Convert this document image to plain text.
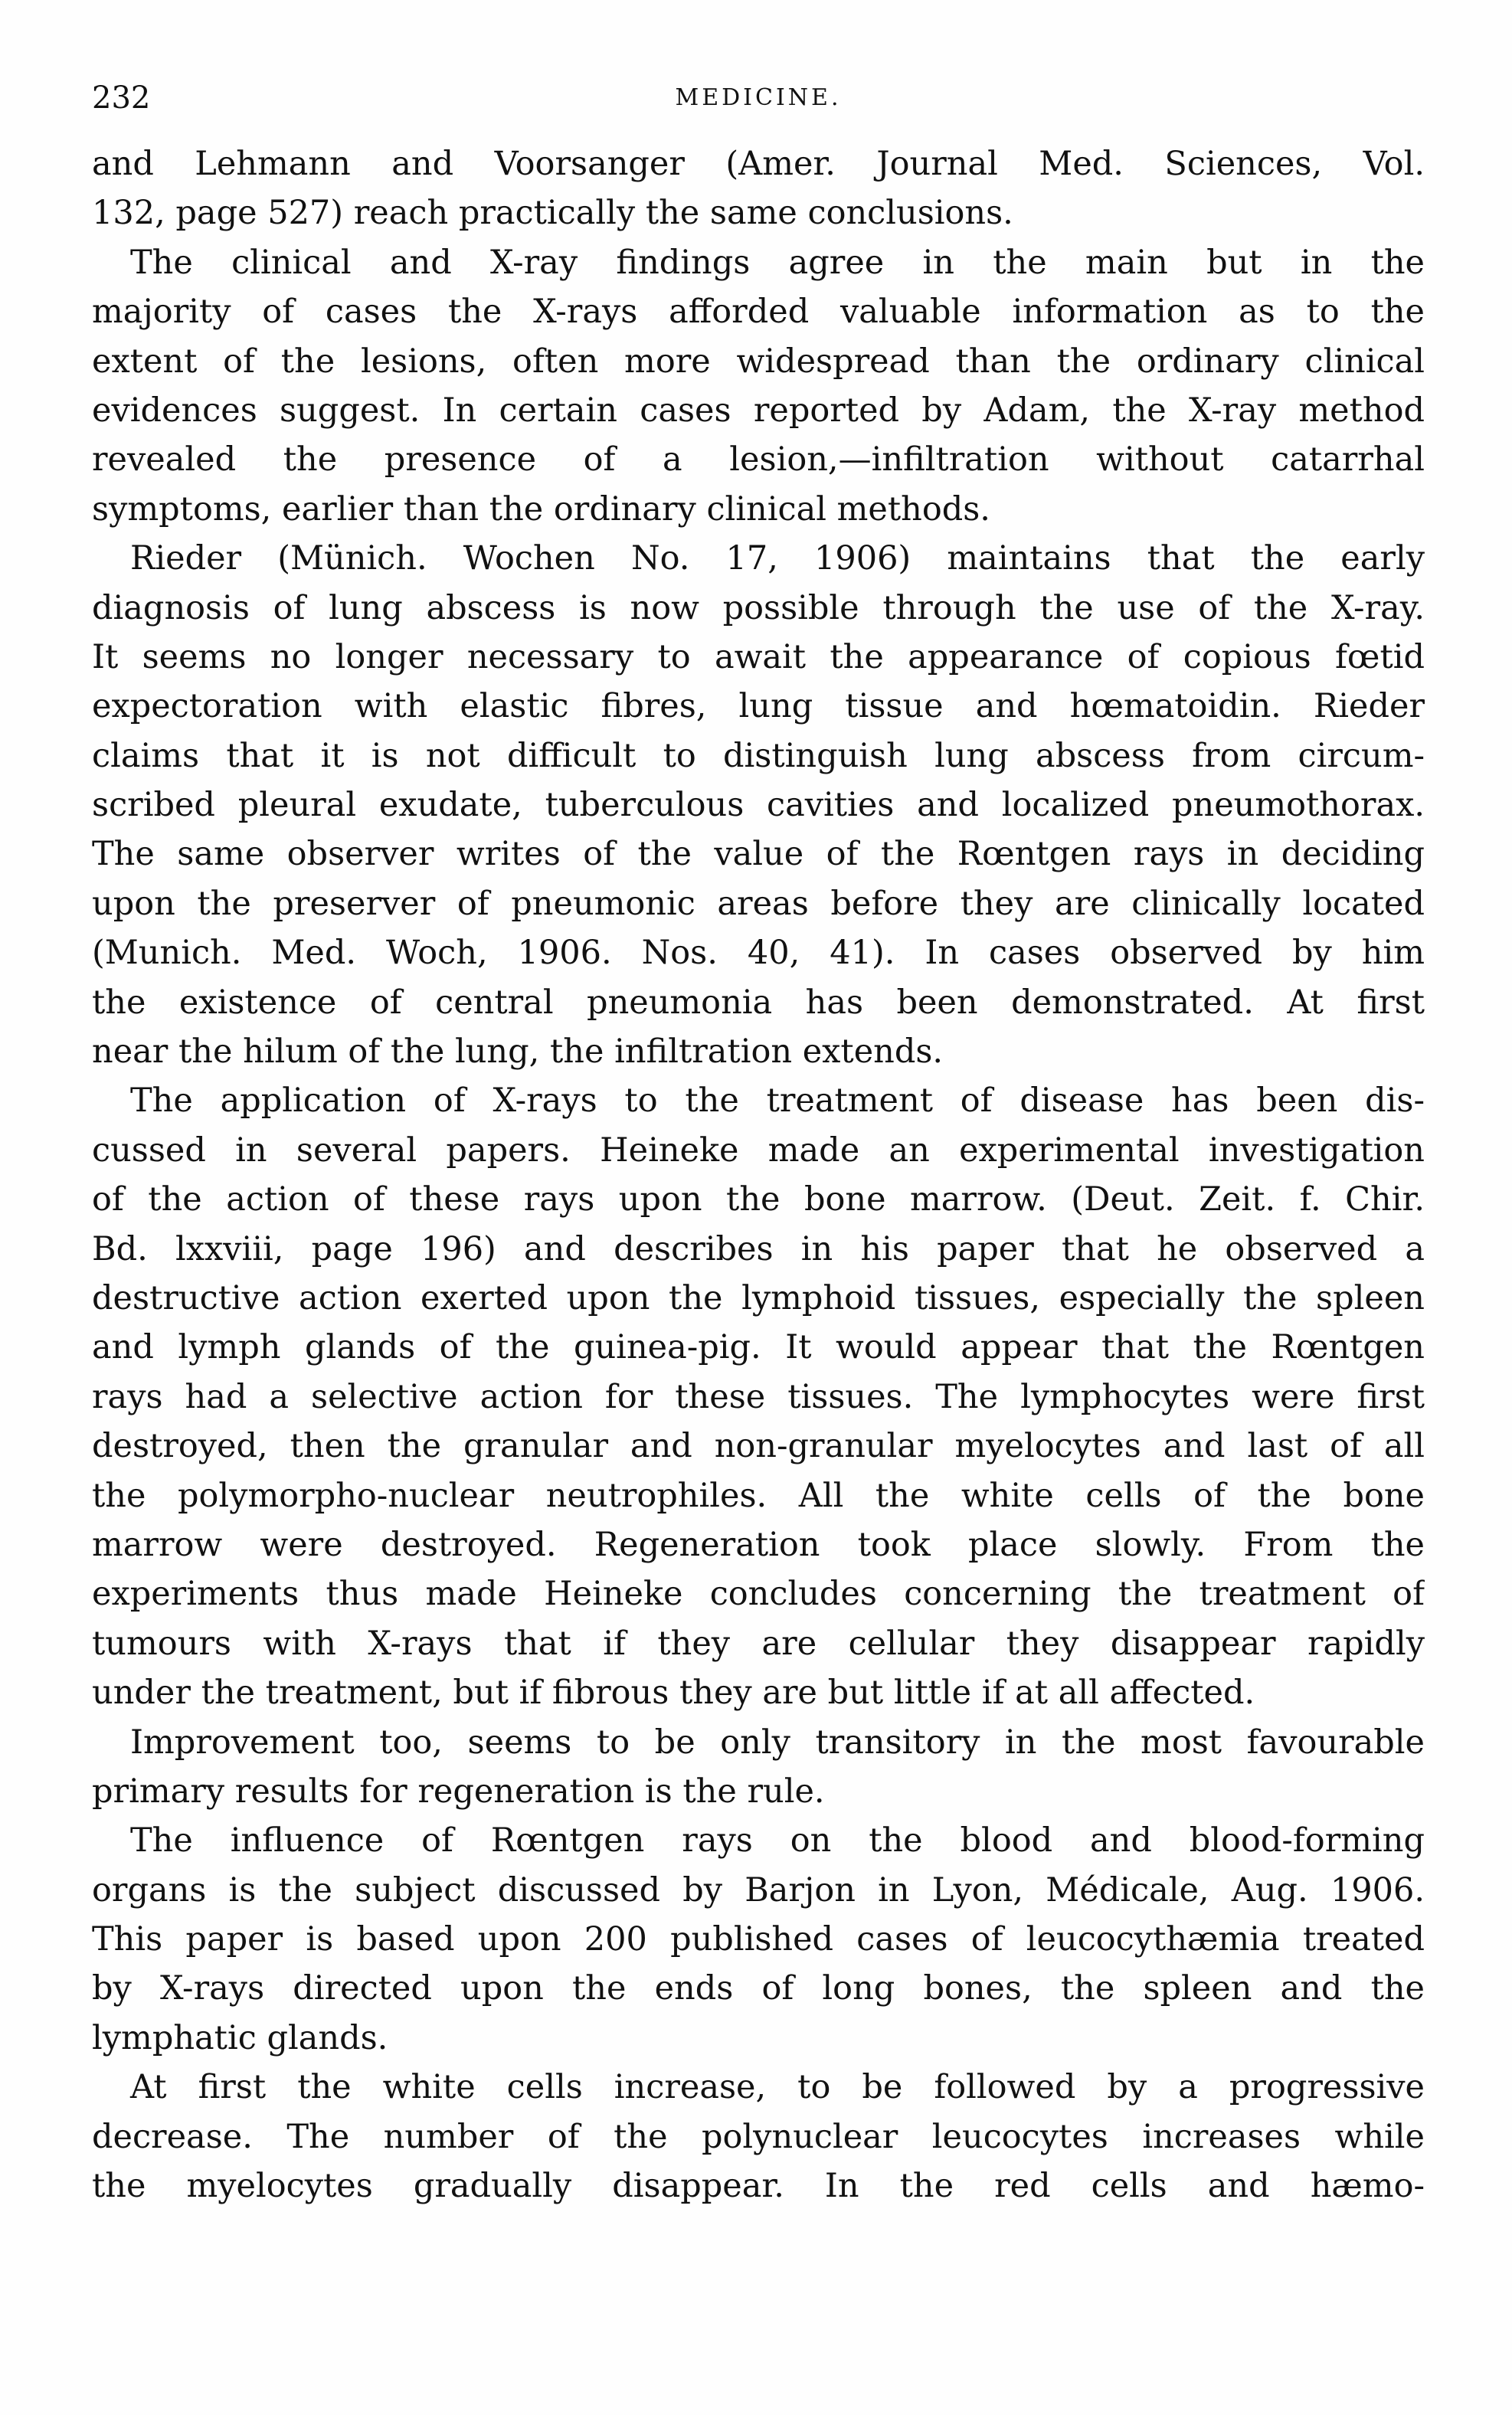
232	MEDICINE.
and Lehmann and Voorsanger (Amer. Journal Med. Sciences, Vol.
132, page 527) reach practically the same conclusions.
The clinical and X-ray findings agree in the main but in the
majority of cases the X-rays afforded valuable information as to the
extent of the lesions, often more widespread than the ordinary clinical
evidences suggest. In certain cases reported by Adam, the X-ray method
revealed the presence of a lesion,—infiltration without catarrhal
symptoms, earlier than the ordinary clinical methods.
Rieder (Münich. Wochen No. 17, 1906) maintains that the early
diagnosis of lung abscess is now possible through the use of the X-ray.
It seems no longer necessary to await the appearance of copious fœtid
expectoration with elastic fibres, lung tissue and hœmatoidin. Rieder
claims that it is not difficult to distinguish lung abscess from circum-
scribed pleural exudate, tuberculous cavities and localized pneumothorax.
The same observer writes of the value of the Rœntgen rays in deciding
upon the preserver of pneumonic areas before they are clinically located
(Munich. Med. Woch, 1906. Nos. 40, 41). In cases observed by him
the existence of central pneumonia has been demonstrated. At first
near the hilum of the lung, the infiltration extends.
The application of X-rays to the treatment of disease has been dis-
cussed in several papers. Heineke made an experimental investigation
of the action of these rays upon the bone marrow. (Deut. Zeit. f. Chir.
Bd. lxxviii, page 196) and describes in his paper that he observed a
destructive action exerted upon the lymphoid tissues, especially the spleen
and lymph glands of the guinea-pig. It would appear that the Rœntgen
rays had a selective action for these tissues. The lymphocytes were first
destroyed, then the granular and non-granular myelocytes and last of all
the polymorpho-nuclear neutrophiles. All the white cells of the bone
marrow were destroyed. Regeneration took place slowly. From the
experiments thus made Heineke concludes concerning the treatment of
tumours with X-rays that if they are cellular they disappear rapidly
under the treatment, but if fibrous they are but little if at all affected.
Improvement too, seems to be only transitory in the most favourable
primary results for regeneration is the rule.
The influence of Rœntgen rays on the blood and blood-forming
organs is the subject discussed by Barjon in Lyon, Médicale, Aug. 1906.
This paper is based upon 200 published cases of leucocythæmia treated
by X-rays directed upon the ends of long bones, the spleen and the
lymphatic glands.
At first the white cells increase, to be followed by a progressive
decrease. The number of the polynuclear leucocytes increases while
the myelocytes gradually disappear. In the red cells and hæmo-
